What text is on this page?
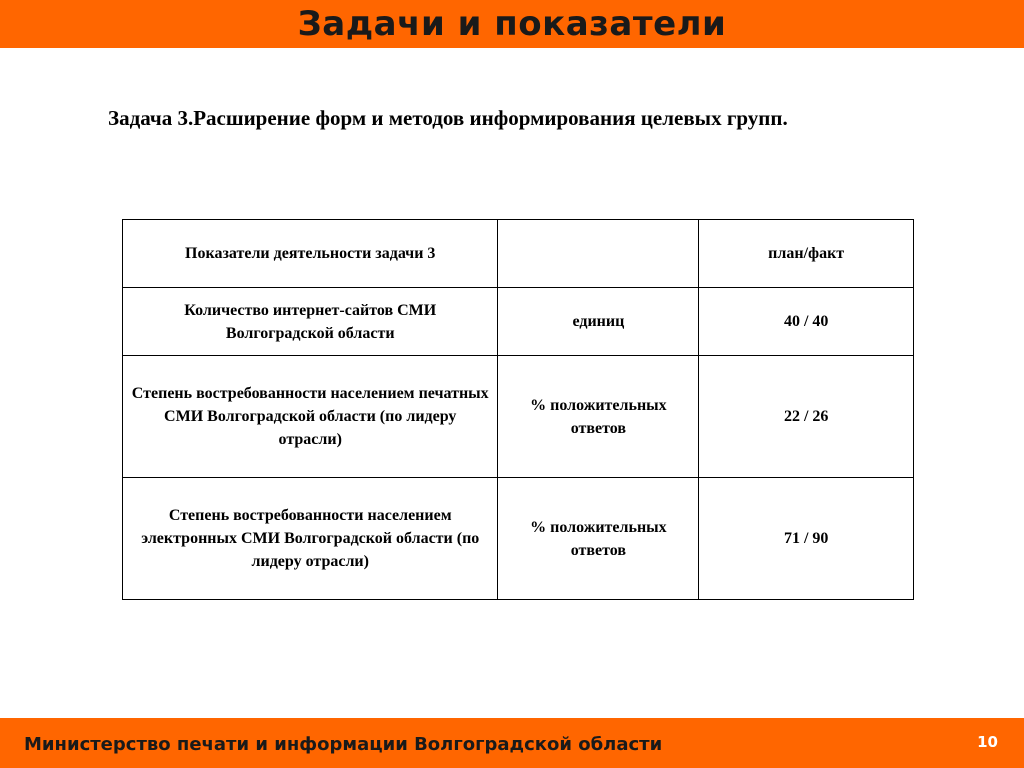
Задачи и показатели
Задача 3.Расширение форм и методов информирования целевых групп.
Показатели деятельности задачи 3		план/факт
Количество интернет-сайтов СМИ Волгоградской области	единиц	40 / 40
Степень востребованности населением печатных СМИ Волгоградской области (по лидеру отрасли)	% положительных ответов	22 / 26
Степень востребованности населением электронных СМИ Волгоградской области (по лидеру отрасли)	% положительных ответов	71 / 90
Министерство печати и информации Волгоградской области	10
